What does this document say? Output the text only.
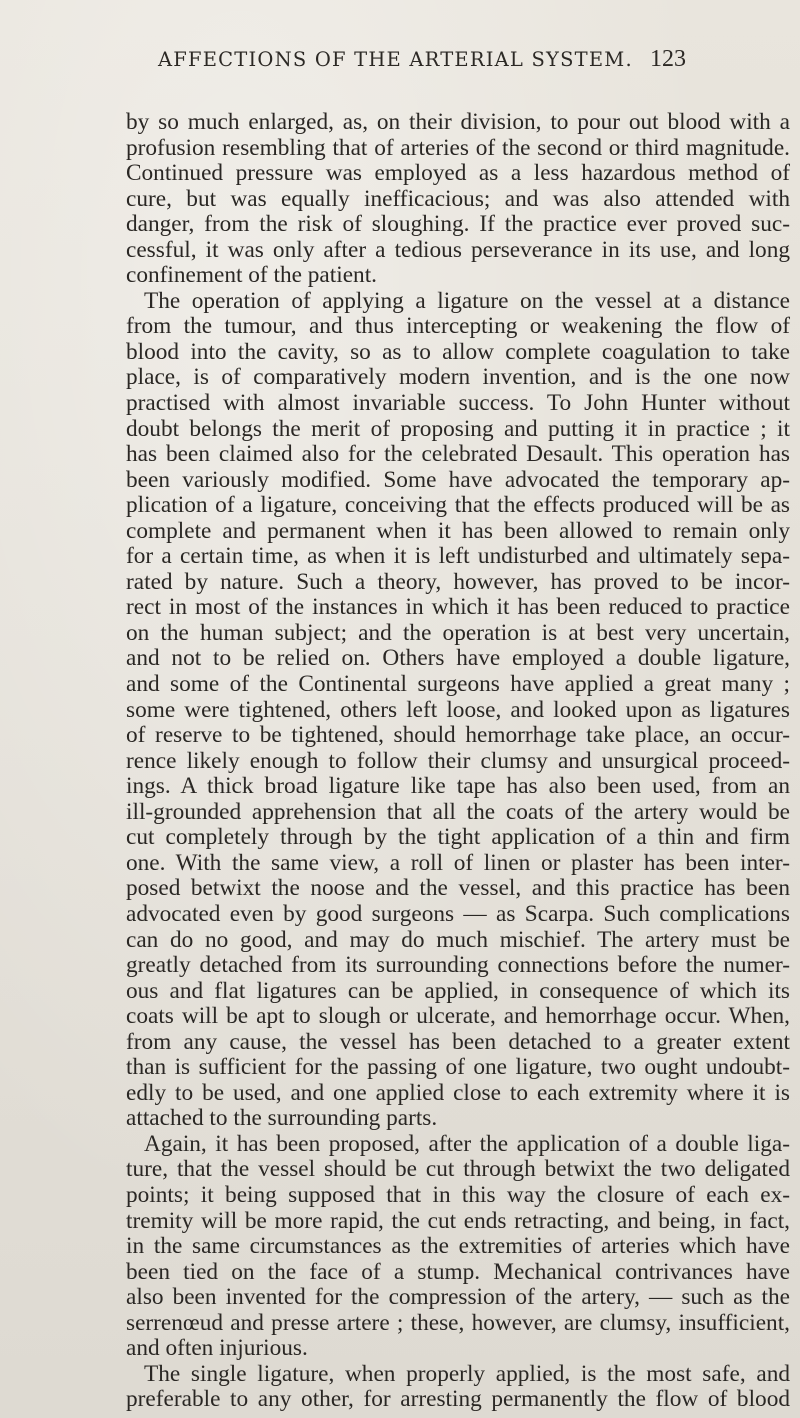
AFFECTIONS OF THE ARTERIAL SYSTEM. 123
by so much enlarged, as, on their division, to pour out blood with a
profusion resembling that of arteries of the second or third magnitude.
Continued pressure was employed as a less hazardous method of
cure, but was equally inefficacious; and was also attended with
danger, from the risk of sloughing. If the practice ever proved suc-
cessful, it was only after a tedious perseverance in its use, and long
confinement of the patient.
The operation of applying a ligature on the vessel at a distance
from the tumour, and thus intercepting or weakening the flow of
blood into the cavity, so as to allow complete coagulation to take
place, is of comparatively modern invention, and is the one now
practised with almost invariable success. To John Hunter without
doubt belongs the merit of proposing and putting it in practice ; it
has been claimed also for the celebrated Desault. This operation has
been variously modified. Some have advocated the temporary ap-
plication of a ligature, conceiving that the effects produced will be as
complete and permanent when it has been allowed to remain only
for a certain time, as when it is left undisturbed and ultimately sepa-
rated by nature. Such a theory, however, has proved to be incor-
rect in most of the instances in which it has been reduced to practice
on the human subject; and the operation is at best very uncertain,
and not to be relied on. Others have employed a double ligature,
and some of the Continental surgeons have applied a great many ;
some were tightened, others left loose, and looked upon as ligatures
of reserve to be tightened, should hemorrhage take place, an occur-
rence likely enough to follow their clumsy and unsurgical proceed-
ings. A thick broad ligature like tape has also been used, from an
ill-grounded apprehension that all the coats of the artery would be
cut completely through by the tight application of a thin and firm
one. With the same view, a roll of linen or plaster has been inter-
posed betwixt the noose and the vessel, and this practice has been
advocated even by good surgeons — as Scarpa. Such complications
can do no good, and may do much mischief. The artery must be
greatly detached from its surrounding connections before the numer-
ous and flat ligatures can be applied, in consequence of which its
coats will be apt to slough or ulcerate, and hemorrhage occur. When,
from any cause, the vessel has been detached to a greater extent
than is sufficient for the passing of one ligature, two ought undoubt-
edly to be used, and one applied close to each extremity where it is
attached to the surrounding parts.
Again, it has been proposed, after the application of a double liga-
ture, that the vessel should be cut through betwixt the two deligated
points; it being supposed that in this way the closure of each ex-
tremity will be more rapid, the cut ends retracting, and being, in fact,
in the same circumstances as the extremities of arteries which have
been tied on the face of a stump. Mechanical contrivances have
also been invented for the compression of the artery, — such as the
serrenœud and presse artere ; these, however, are clumsy, insufficient,
and often injurious.
The single ligature, when properly applied, is the most safe, and
preferable to any other, for arresting permanently the flow of blood
